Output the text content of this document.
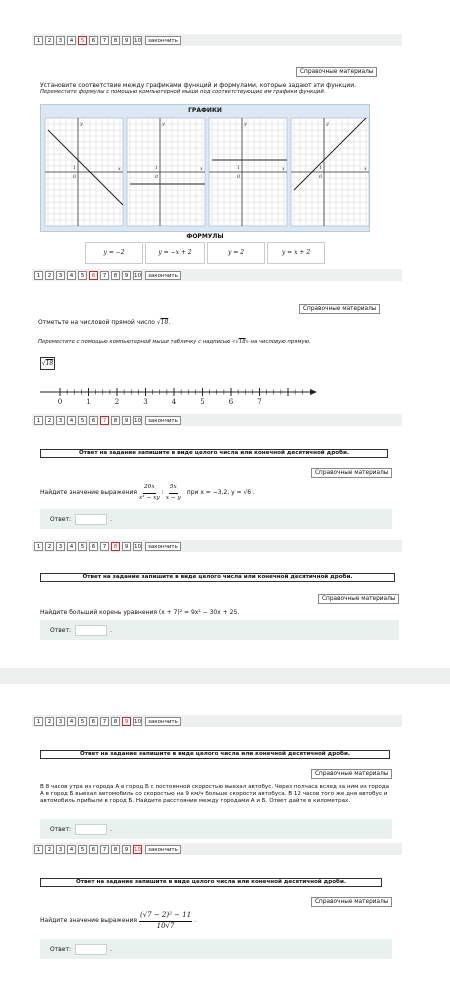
1	2	3	4	5	6	7	8	9	10	закончить
Справочные материалы
Установите соответствие между графиками функций и формулами, которые задают эти функции.
Переместите формулы с помощью компьютерной мыши под соответствующие им графики функций.
ГРАФИКИ
y
x
1
0
y
x
1
0
y
x
1
0
y
x
1
0
ФОРМУЛЫ
y = −2	y = −x + 2	y = 2	y = x + 2
1	2	3	4	5	6	7	8	9	10	закончить
Справочные материалы
Отметьте на числовой прямой число √18.
Переместите с помощью компьютерной мыши табличку с надписью «√18» на числовую прямую.
√18
0	1	2	3	4	5	6	7
1	2	3	4	5	6	7	8	9	10	закончить
Ответ на задание запишите в виде целого числа или конечной десятичной дроби.
Справочные материалы
Найдите значение выражения $\frac{20x}{\text{x² − xy}}$ : $\frac{5x}{x - y}$ при x = −3,2, y = √6 .
Ответ:	.
1	2	3	4	5	6	7	8	9	10	закончить
Ответ на задание запишите в виде целого числа или конечной десятичной дроби.
Справочные материалы
Найдите больший корень уравнения (x + 7)² = 9x² − 30x + 25.
Ответ:	.
1	2	3	4	5	6	7	8	9	10	закончить
Ответ на задание запишите в виде целого числа или конечной десятичной дроби.
Справочные материалы
В 8 часов утра из города А в город Б с постоянной скоростью выехал автобус. Через полчаса вслед за ним из города А в город Б выехал автомобиль со скоростью на 9 км/ч больше скорости автобуса. В 12 часов того же дня автобус и автомобиль прибыли в город Б. Найдите расстояние между городами А и Б. Ответ дайте в километрах.
Ответ:	.
1	2	3	4	5	6	7	8	9	10	закончить
Ответ на задание запишите в виде целого числа или конечной десятичной дроби.
Справочные материалы
Найдите значение выражения $\frac{\text{(√7 − 2)² − 11}}{10√7}$ .
Ответ:	.
